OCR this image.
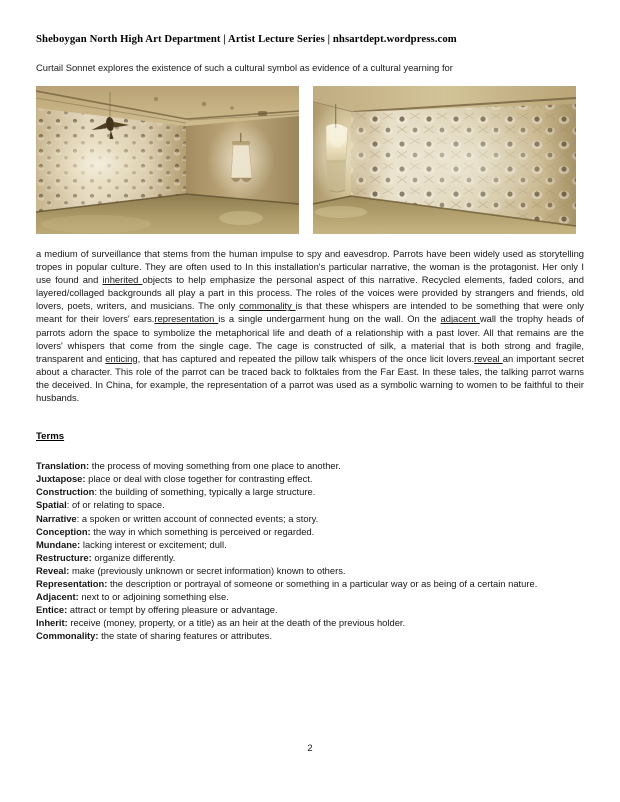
Sheboygan North High Art Department | Artist Lecture Series | nhsartdept.wordpress.com
Curtail Sonnet explores the existence of such a cultural symbol as evidence of a cultural yearning for

a medium of surveillance that stems from the human impulse to spy and eavesdrop. Parrots have been widely used as storytelling tropes in popular culture. They are often used to In this installation's particular narrative, the woman is the protagonist. Her only I use found and inherited objects to help emphasize the personal aspect of this narrative. Recycled elements, faded colors, and layered/collaged backgrounds all play a part in this process. The roles of the voices were provided by strangers and friends, old lovers, poets, writers, and musicians. The only commonality is that these whispers are intended to be something that were only meant for their lovers' ears.representation is a single undergarment hung on the wall. On the adjacent wall the trophy heads of parrots adorn the space to symbolize the metaphorical life and death of a relationship with a past lover. All that remains are the lovers' whispers that come from the single cage. The cage is constructed of silk, a material that is both strong and fragile, transparent and enticing, that has captured and repeated the pillow talk whispers of the once licit lovers.reveal an important secret about a character. This role of the parrot can be traced back to folktales from the Far East. In these tales, the talking parrot warns the deceived. In China, for example, the representation of a parrot was used as a symbolic warning to women to be faithful to their husbands.

Terms
Translation: the process of moving something from one place to another.
Juxtapose: place or deal with close together for contrasting effect.
Construction: the building of something, typically a large structure.
Spatial: of or relating to space.
Narrative: a spoken or written account of connected events; a story.
Conception: the way in which something is perceived or regarded.
Mundane: lacking interest or excitement; dull.
Restructure: organize differently.
Reveal: make (previously unknown or secret information) known to others.
Representation: the description or portrayal of someone or something in a particular way or as being of a certain nature.
Adjacent: next to or adjoining something else.
Entice: attract or tempt by offering pleasure or advantage.
Inherit: receive (money, property, or a title) as an heir at the death of the previous holder.
Commonality: the state of sharing features or attributes.
2
